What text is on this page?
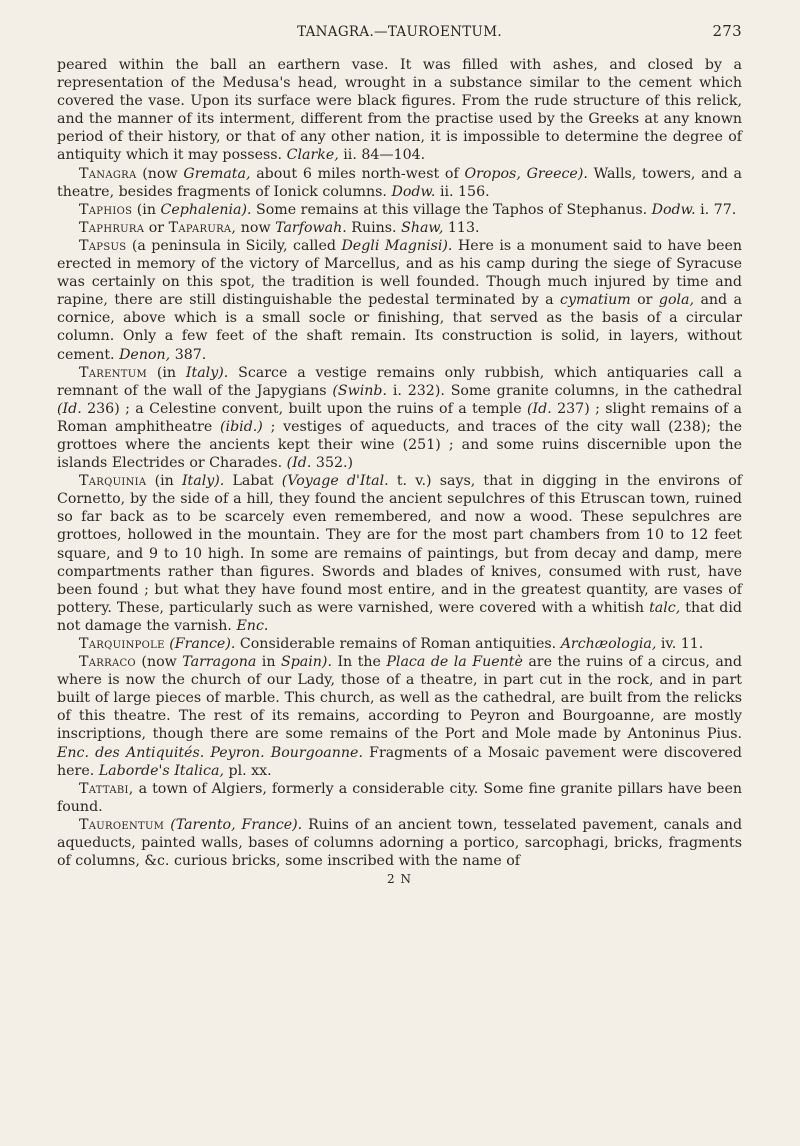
TANAGRA.—TAUROENTUM.	273

peared within the ball an earthern vase. It was filled with ashes, and closed by a representation of the Medusa's head, wrought in a substance similar to the cement which covered the vase. Upon its surface were black figures. From the rude structure of this relick, and the manner of its interment, different from the practise used by the Greeks at any known period of their history, or that of any other nation, it is impossible to determine the degree of antiquity which it may possess. Clarke, ii. 84—104.

Tanagra (now Gremata, about 6 miles north-west of Oropos, Greece). Walls, towers, and a theatre, besides fragments of Ionick columns. Dodw. ii. 156.

Taphios (in Cephalenia). Some remains at this village the Taphos of Stephanus. Dodw. i. 77.

Taphrura or Taparura, now Tarfowah. Ruins. Shaw, 113.

Tapsus (a peninsula in Sicily, called Degli Magnisi). Here is a monument said to have been erected in memory of the victory of Marcellus, and as his camp during the siege of Syracuse was certainly on this spot, the tradition is well founded. Though much injured by time and rapine, there are still distinguishable the pedestal terminated by a cymatium or gola, and a cornice, above which is a small socle or finishing, that served as the basis of a circular column. Only a few feet of the shaft remain. Its construction is solid, in layers, without cement. Denon, 387.

Tarentum (in Italy). Scarce a vestige remains only rubbish, which antiquaries call a remnant of the wall of the Japygians (Swinb. i. 232). Some granite columns, in the cathedral (Id. 236) ; a Celestine convent, built upon the ruins of a temple (Id. 237) ; slight remains of a Roman amphitheatre (ibid.) ; vestiges of aqueducts, and traces of the city wall (238); the grottoes where the ancients kept their wine (251) ; and some ruins discernible upon the islands Electrides or Charades. (Id. 352.)

Tarquinia (in Italy). Labat (Voyage d'Ital. t. v.) says, that in digging in the environs of Cornetto, by the side of a hill, they found the ancient sepulchres of this Etruscan town, ruined so far back as to be scarcely even remembered, and now a wood. These sepulchres are grottoes, hollowed in the mountain. They are for the most part chambers from 10 to 12 feet square, and 9 to 10 high. In some are remains of paintings, but from decay and damp, mere compartments rather than figures. Swords and blades of knives, consumed with rust, have been found ; but what they have found most entire, and in the greatest quantity, are vases of pottery. These, particularly such as were varnished, were covered with a whitish talc, that did not damage the varnish. Enc.

Tarquinpole (France). Considerable remains of Roman antiquities. Archæologia, iv. 11.

Tarraco (now Tarragona in Spain). In the Placa de la Fuentè are the ruins of a circus, and where is now the church of our Lady, those of a theatre, in part cut in the rock, and in part built of large pieces of marble. This church, as well as the cathedral, are built from the relicks of this theatre. The rest of its remains, according to Peyron and Bourgoanne, are mostly inscriptions, though there are some remains of the Port and Mole made by Antoninus Pius. Enc. des Antiquités. Peyron. Bourgoanne. Fragments of a Mosaic pavement were discovered here. Laborde's Italica, pl. xx.

Tattabi, a town of Algiers, formerly a considerable city. Some fine granite pillars have been found.

Tauroentum (Tarento, France). Ruins of an ancient town, tesselated pavement, canals and aqueducts, painted walls, bases of columns adorning a portico, sarcophagi, bricks, fragments of columns, &c. curious bricks, some inscribed with the name of

2 N
